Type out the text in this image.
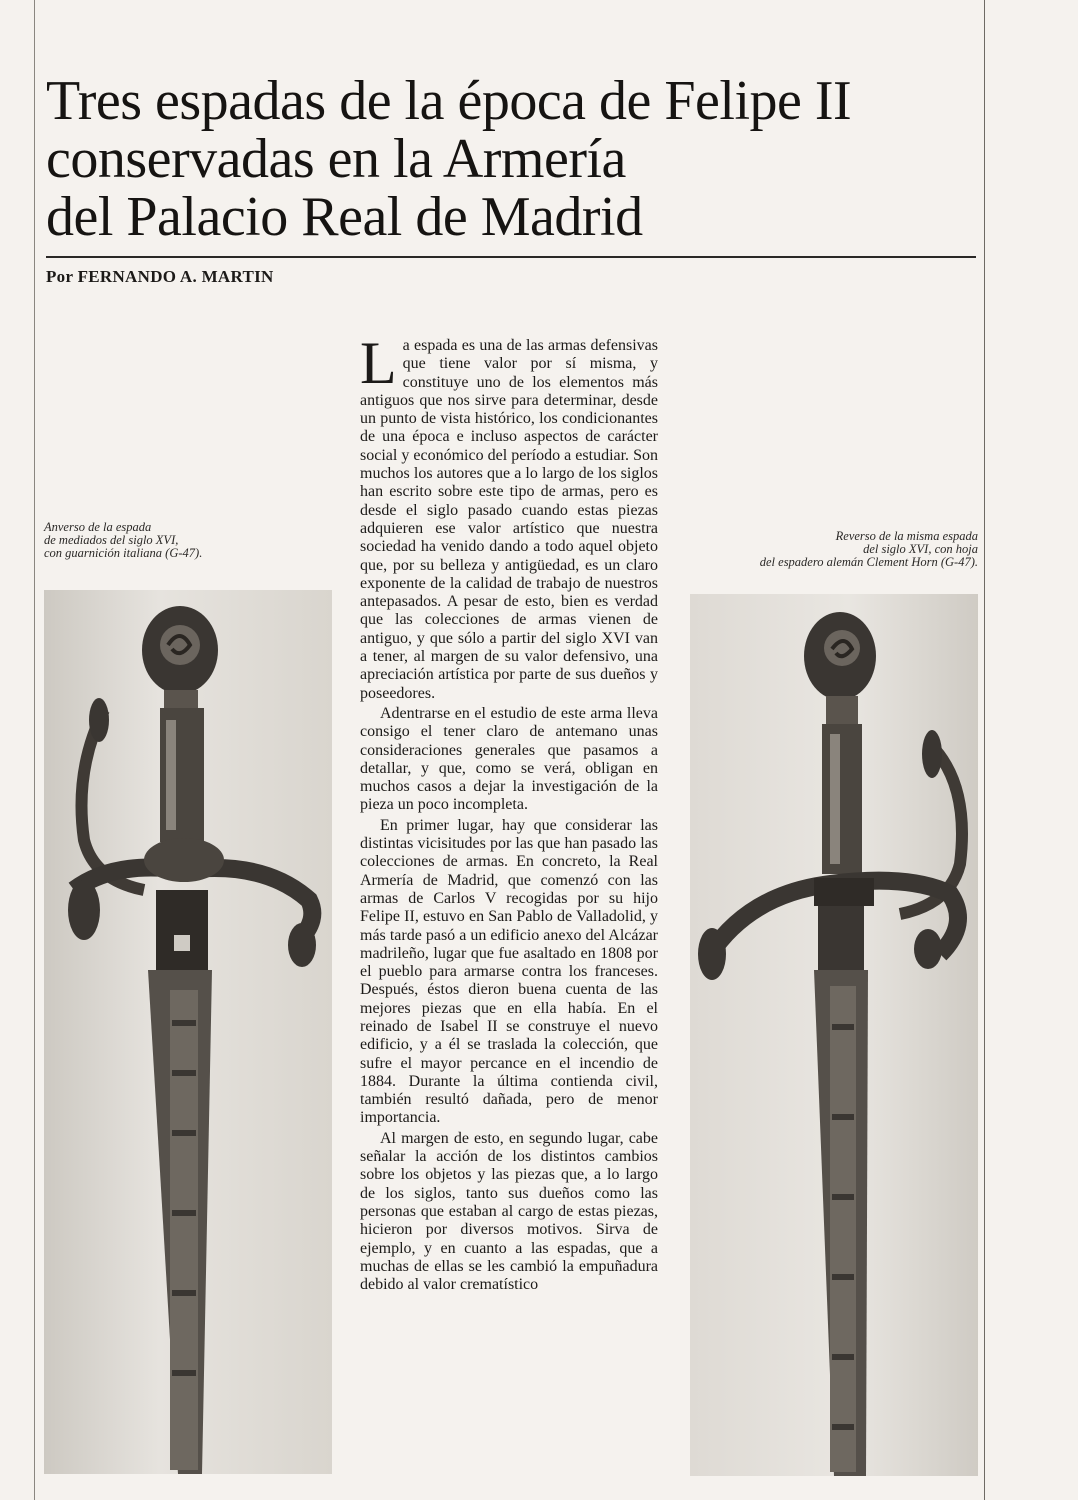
Tres espadas de la época de Felipe II
conservadas en la Armería
del Palacio Real de Madrid
Por FERNANDO A. MARTIN
Anverso de la espada
de mediados del siglo XVI,
con guarnición italiana (G-47).
Reverso de la misma espada
del siglo XVI, con hoja
del espadero alemán Clement Horn (G-47).

La espada es una de las armas defensivas que tiene valor por sí misma, y constituye uno de los elementos más antiguos que nos sirve para determinar, desde un punto de vista histórico, los condicionantes de una época e incluso aspectos de carácter social y económico del período a estudiar. Son muchos los autores que a lo largo de los siglos han escrito sobre este tipo de armas, pero es desde el siglo pasado cuando estas piezas adquieren ese valor artístico que nuestra sociedad ha venido dando a todo aquel objeto que, por su belleza y antigüedad, es un claro exponente de la calidad de trabajo de nuestros antepasados. A pesar de esto, bien es verdad que las colecciones de armas vienen de antiguo, y que sólo a partir del siglo XVI van a tener, al margen de su valor defensivo, una apreciación artística por parte de sus dueños y poseedores.

Adentrarse en el estudio de este arma lleva consigo el tener claro de antemano unas consideraciones generales que pasamos a detallar, y que, como se verá, obligan en muchos casos a dejar la investigación de la pieza un poco incompleta.

En primer lugar, hay que considerar las distintas vicisitudes por las que han pasado las colecciones de armas. En concreto, la Real Armería de Madrid, que comenzó con las armas de Carlos V recogidas por su hijo Felipe II, estuvo en San Pablo de Valladolid, y más tarde pasó a un edificio anexo del Alcázar madrileño, lugar que fue asaltado en 1808 por el pueblo para armarse contra los franceses. Después, éstos dieron buena cuenta de las mejores piezas que en ella había. En el reinado de Isabel II se construye el nuevo edificio, y a él se traslada la colección, que sufre el mayor percance en el incendio de 1884. Durante la última contienda civil, también resultó dañada, pero de menor importancia.

Al margen de esto, en segundo lugar, cabe señalar la acción de los distintos cambios sobre los objetos y las piezas que, a lo largo de los siglos, tanto sus dueños como las personas que estaban al cargo de estas piezas, hicieron por diversos motivos. Sirva de ejemplo, y en cuanto a las espadas, que a muchas de ellas se les cambió la empuñadura debido al valor crematístico
